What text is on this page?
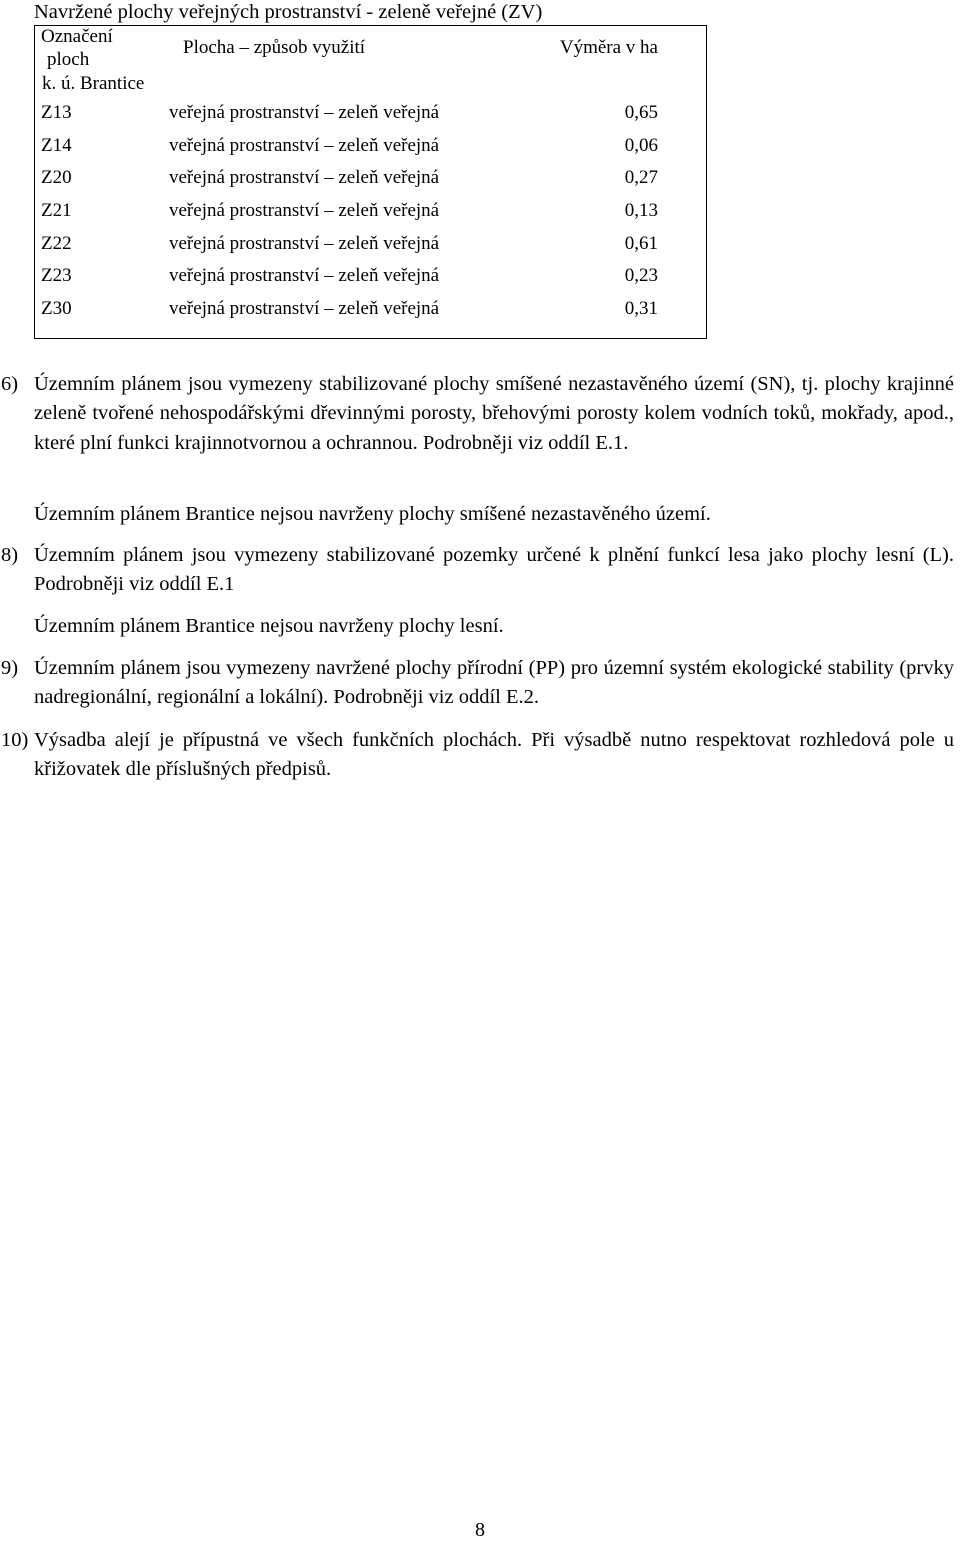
Navržené plochy veřejných prostranství - zeleně veřejné (ZV)
Označení
ploch	Plocha – způsob využití	Výměra v ha
k. ú. Brantice		
Z13	veřejná prostranství – zeleň veřejná	0,65
Z14	veřejná prostranství – zeleň veřejná	0,06
Z20	veřejná prostranství – zeleň veřejná	0,27
Z21	veřejná prostranství – zeleň veřejná	0,13
Z22	veřejná prostranství – zeleň veřejná	0,61
Z23	veřejná prostranství – zeleň veřejná	0,23
Z30	veřejná prostranství – zeleň veřejná	0,31
6) Územním plánem jsou vymezeny stabilizované plochy smíšené nezastavěného území (SN), tj. plochy krajinné zeleně tvořené nehospodářskými dřevinnými porosty, břehovými porosty kolem vodních toků, mokřady, apod., které plní funkci krajinnotvornou a ochrannou. Podrobněji viz oddíl E.1.
Územním plánem Brantice nejsou navrženy plochy smíšené nezastavěného území.
8) Územním plánem jsou vymezeny stabilizované pozemky určené k plnění funkcí lesa jako plochy lesní (L). Podrobněji viz oddíl E.1
Územním plánem Brantice nejsou navrženy plochy lesní.
9) Územním plánem jsou vymezeny navržené plochy přírodní (PP) pro územní systém ekologické stability (prvky nadregionální, regionální a lokální). Podrobněji viz oddíl E.2.
10) Výsadba alejí je přípustná ve všech funkčních plochách. Při výsadbě nutno respektovat rozhledová pole u křižovatek dle příslušných předpisů.
8
